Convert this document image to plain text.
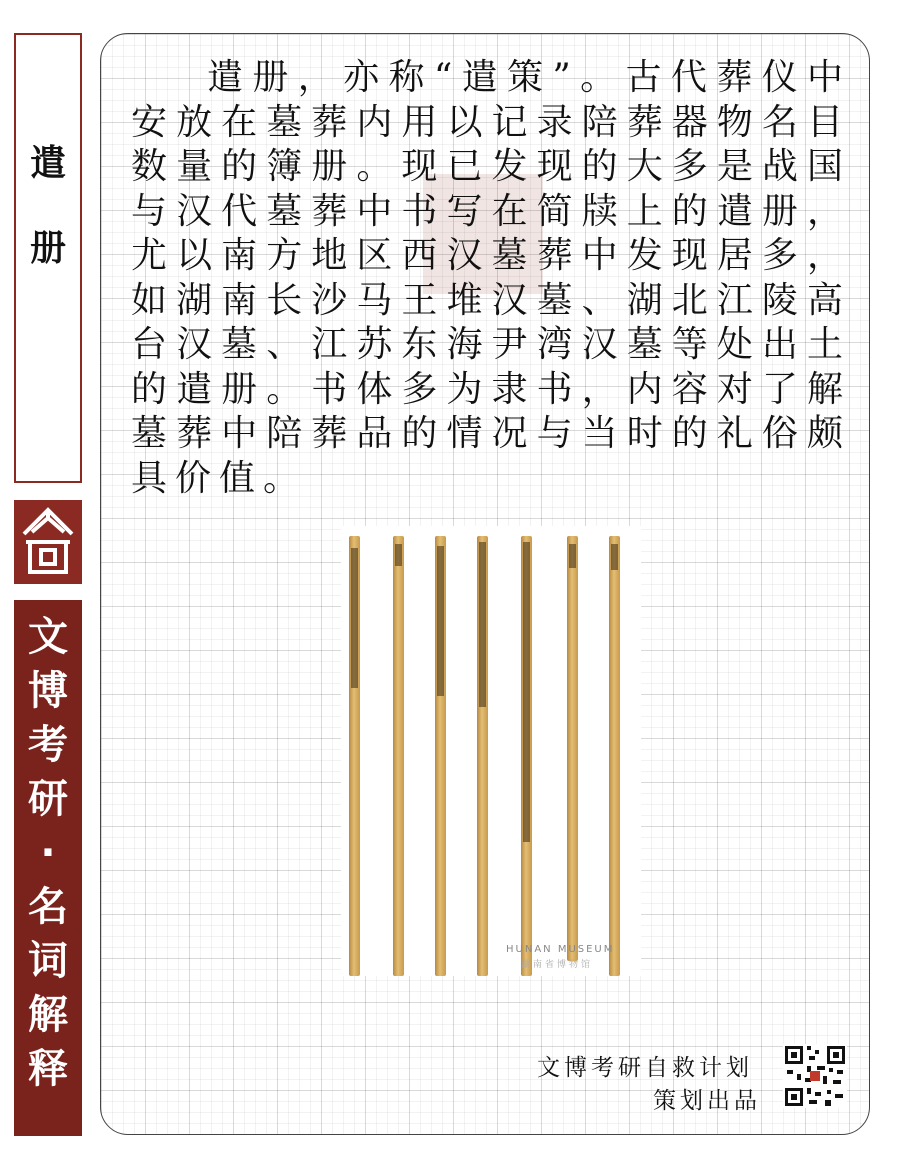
遣
册
文
博
考
研
·
名
词
解
释

遣册，亦称“遣策”。古代葬仪中安放在墓葬内用以记录陪葬器物名目数量的簿册。现已发现的大多是战国与汉代墓葬中书写在简牍上的遣册，尤以南方地区西汉墓葬中发现居多，如湖南长沙马王堆汉墓、湖北江陵高台汉墓、江苏东海尹湾汉墓等处出土的遣册。书体多为隶书，内容对了解墓葬中陪葬品的情况与当时的礼俗颇具价值。

HUNAN MUSEUM
湖南省博物馆
文博考研自救计划
策划出品
